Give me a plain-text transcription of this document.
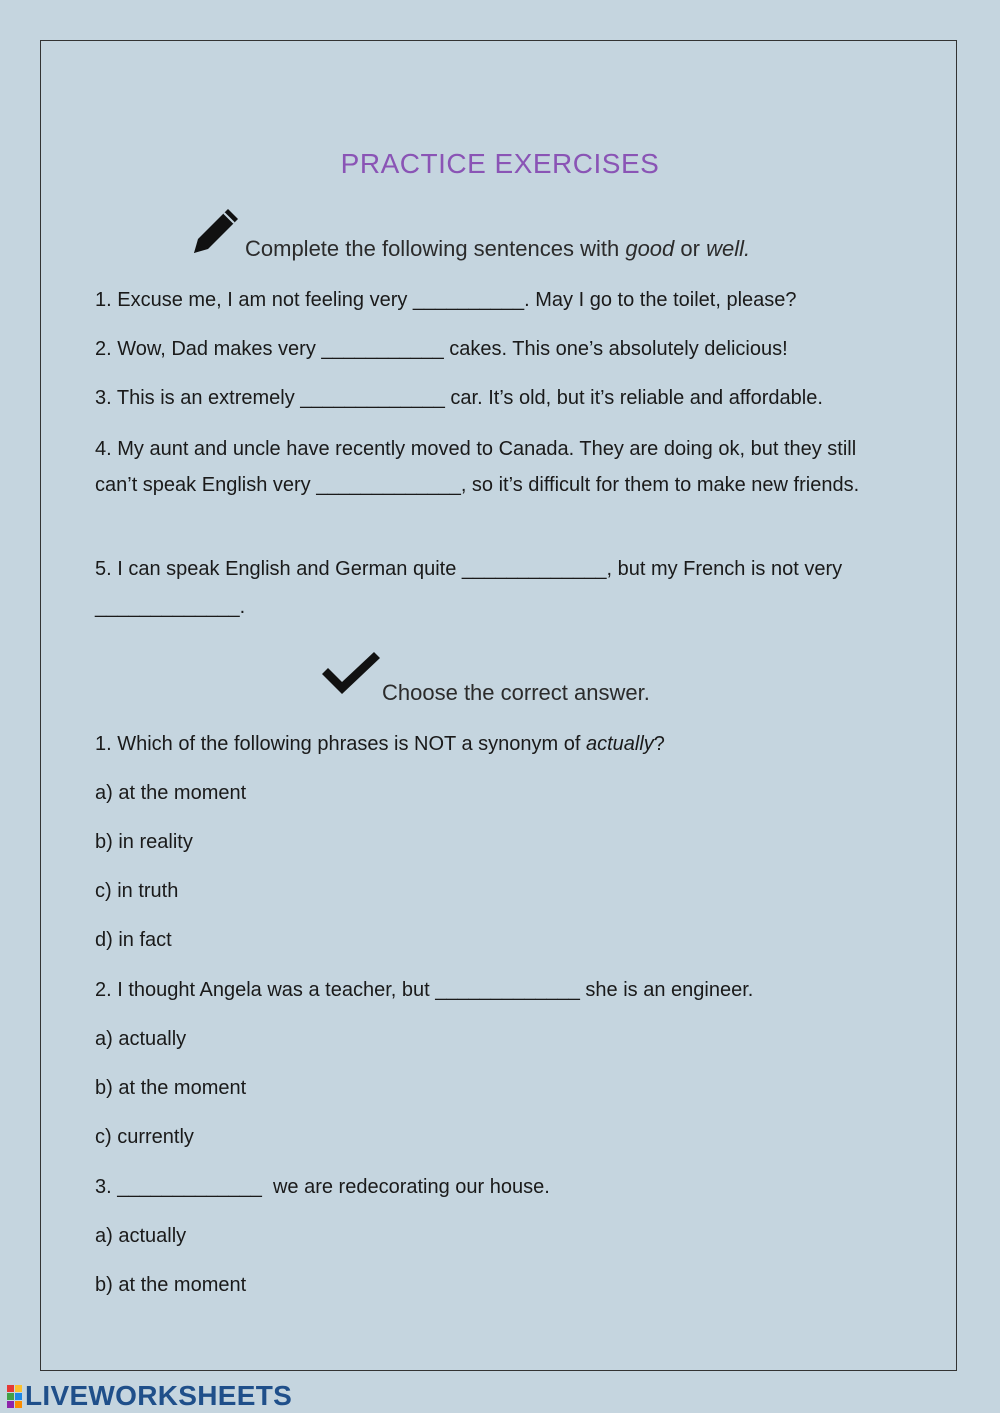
PRACTICE EXERCISES
Complete the following sentences with good or well.
1. Excuse me, I am not feeling very __________. May I go to the toilet, please?
2. Wow, Dad makes very ___________ cakes. This one’s absolutely delicious!
3. This is an extremely _____________ car. It’s old, but it’s reliable and affordable.
4. My aunt and uncle have recently moved to Canada. They are doing ok, but they still can’t speak English very _____________, so it’s difficult for them to make new friends.
5. I can speak English and German quite _____________, but my French is not very
_____________.
Choose the correct answer.
1. Which of the following phrases is NOT a synonym of actually?
a) at the moment
b) in reality
c) in truth
d) in fact
2. I thought Angela was a teacher, but _____________ she is an engineer.
a) actually
b) at the moment
c) currently
3. _____________  we are redecorating our house.
a) actually
b) at the moment
LIVEWORKSHEETS
